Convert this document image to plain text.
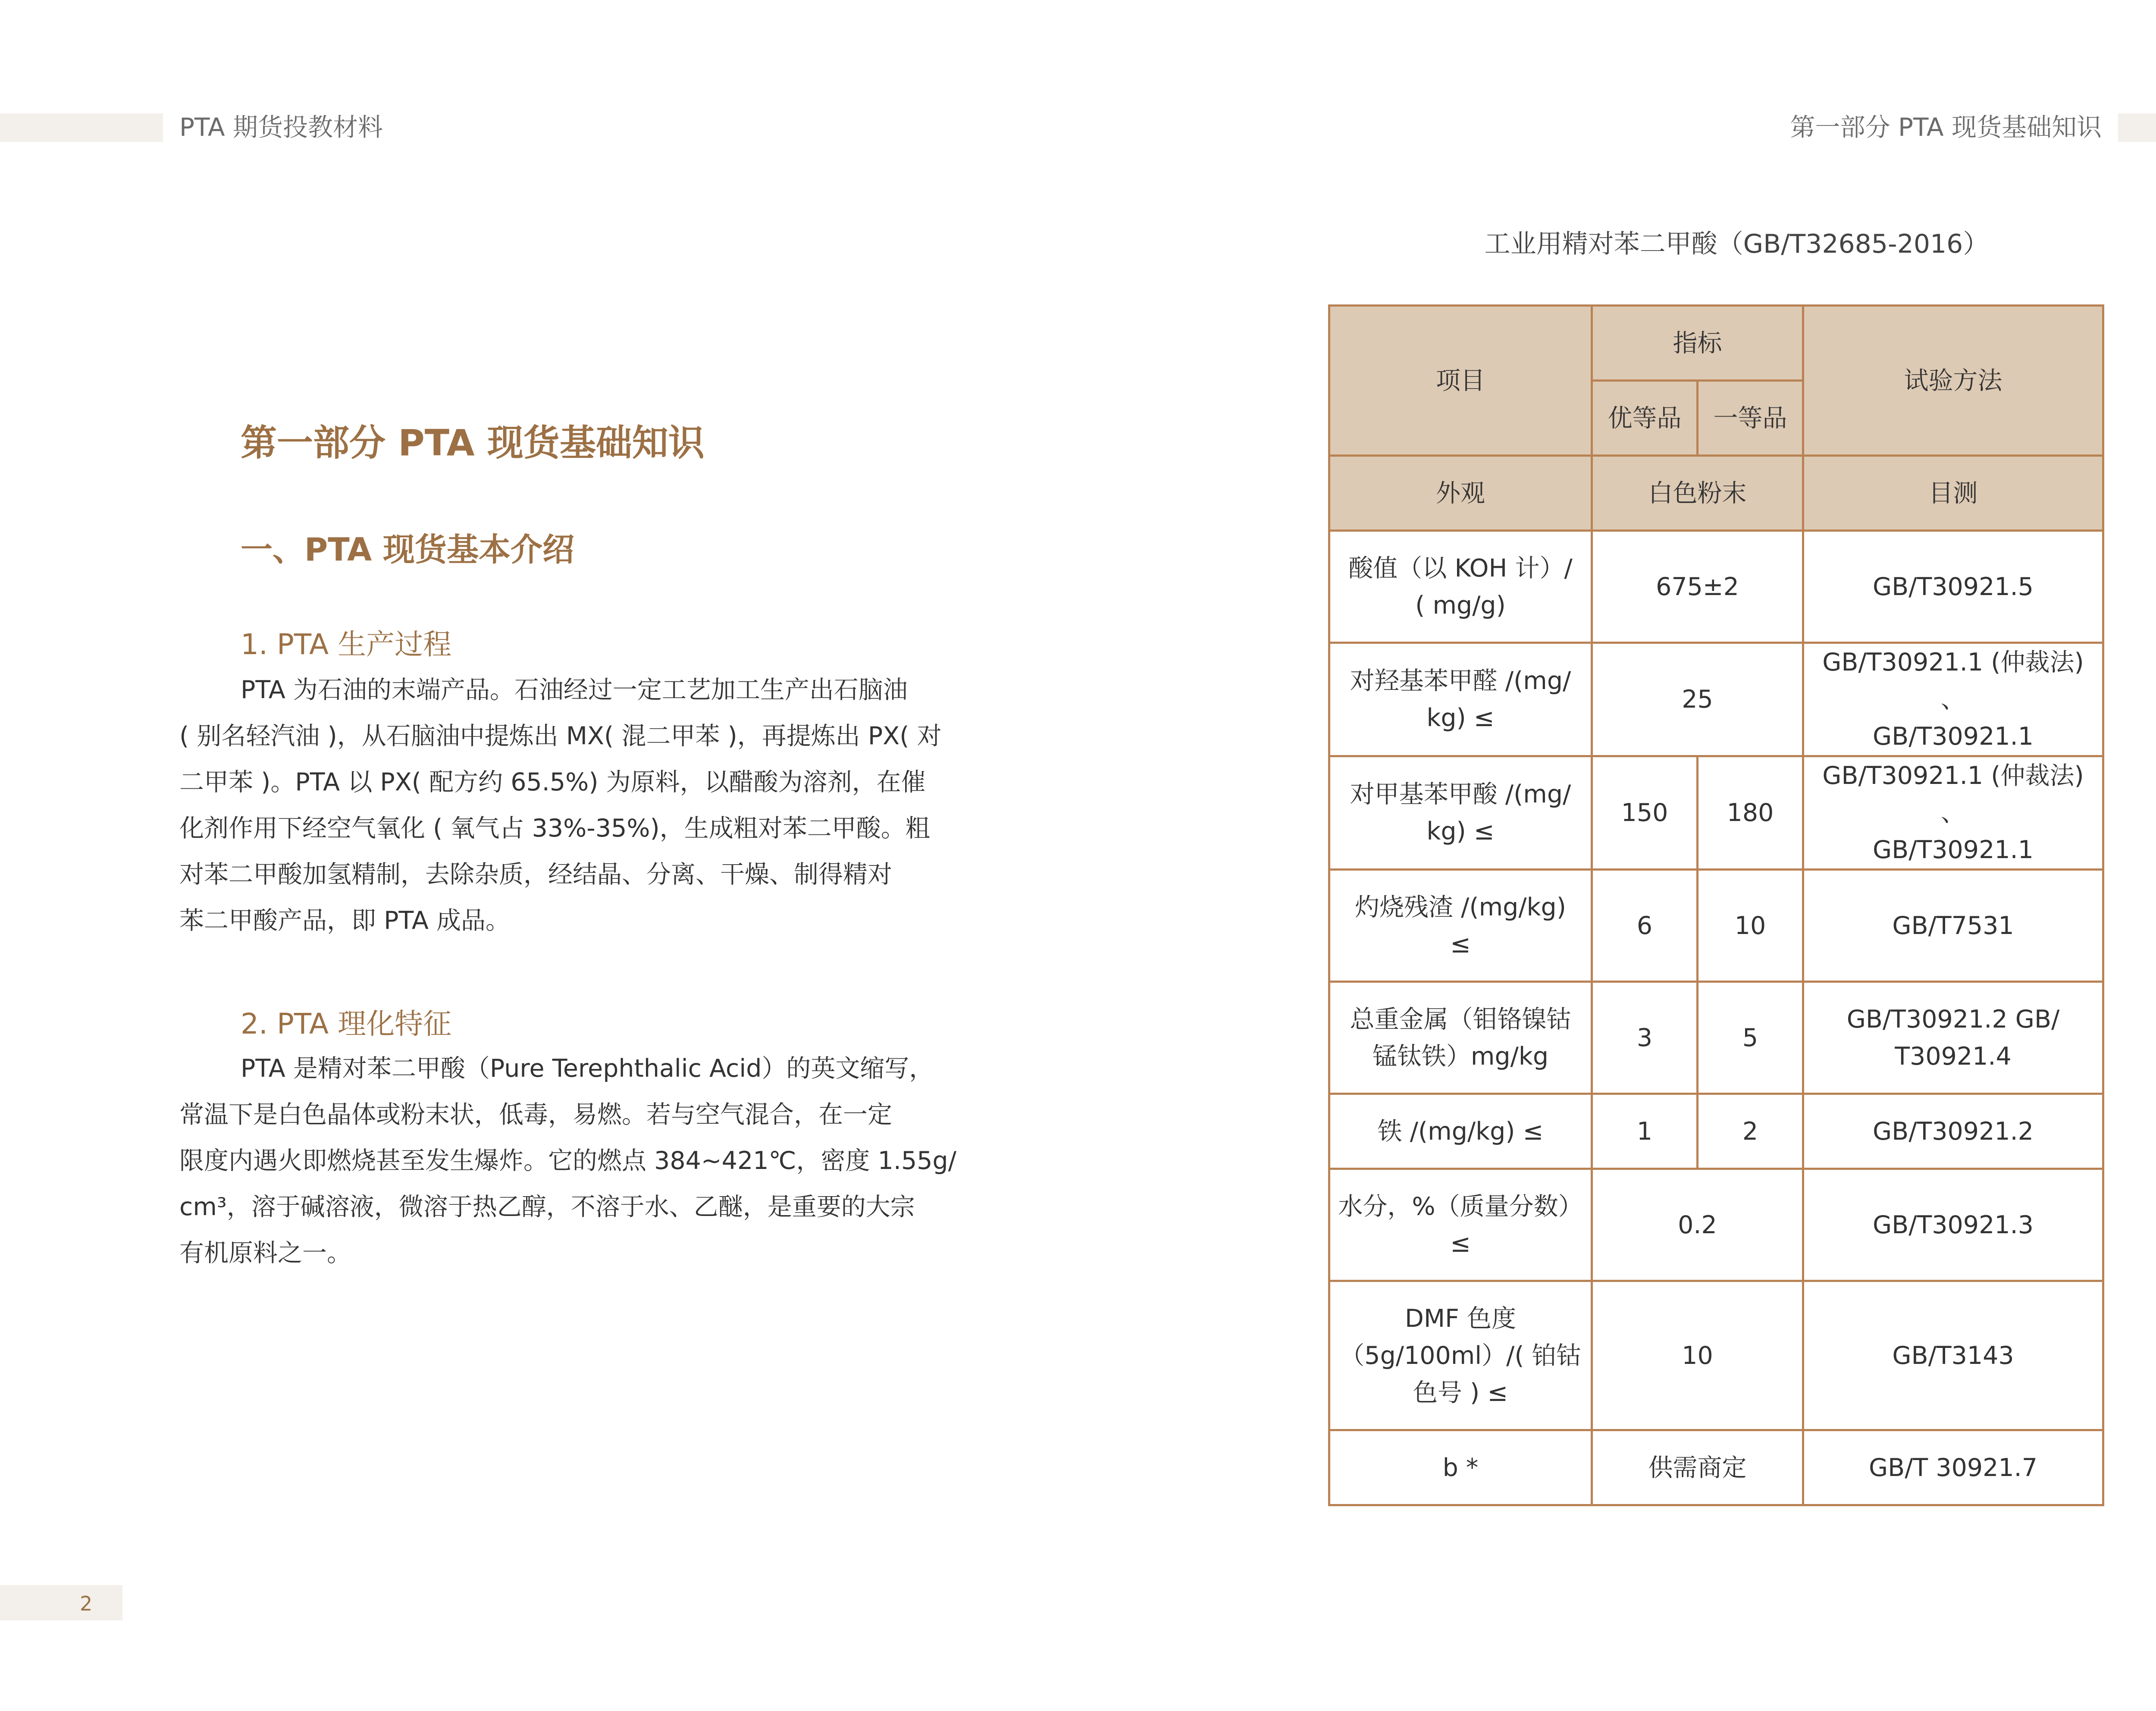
PTA 期货投教材料	第一部分 PTA 现货基础知识
2
第一部分 PTA 现货基础知识
一、PTA 现货基本介绍
1. PTA 生产过程
PTA 为石油的末端产品。石油经过一定工艺加工生产出石脑油
( 别名轻汽油 )，从石脑油中提炼出 MX( 混二甲苯 )，再提炼出 PX( 对
二甲苯 )。PTA 以 PX( 配方约 65.5%) 为原料，以醋酸为溶剂，在催
化剂作用下经空气氧化 ( 氧气占 33%-35%)，生成粗对苯二甲酸。粗
对苯二甲酸加氢精制，去除杂质，经结晶、分离、干燥、制得精对
苯二甲酸产品，即 PTA 成品。
2. PTA 理化特征
PTA 是精对苯二甲酸（Pure Terephthalic Acid）的英文缩写，
常温下是白色晶体或粉末状，低毒，易燃。若与空气混合，在一定
限度内遇火即燃烧甚至发生爆炸。它的燃点 384~421℃，密度 1.55g/
cm³，溶于碱溶液，微溶于热乙醇，不溶于水、乙醚，是重要的大宗
有机原料之一。
工业用精对苯二甲酸（GB/T32685-2016）
项目	指标		试验方法
	优等品	一等品	
外观	白色粉末		目测

酸值（以 KOH 计）/
( mg/g)	675±2		GB/T30921.5

对羟基苯甲醛 /(mg/
kg) ≤	25		GB/T30921.1 (仲裁法) 、
GB/T30921.1

对甲基苯甲酸 /(mg/
kg) ≤	150	180	GB/T30921.1 (仲裁法) 、
GB/T30921.1

灼烧残渣 /(mg/kg)
≤	6	10	GB/T7531

总重金属（钼铬镍钴
锰钛铁）mg/kg	3	5	GB/T30921.2 GB/
T30921.4

铁 /(mg/kg) ≤	1	2	GB/T30921.2

水分，%（质量分数）
≤	0.2		GB/T30921.3

DMF 色度
（5g/100ml）/( 铂钴
色号 ) ≤	10		GB/T3143

b *	供需商定		GB/T 30921.7
